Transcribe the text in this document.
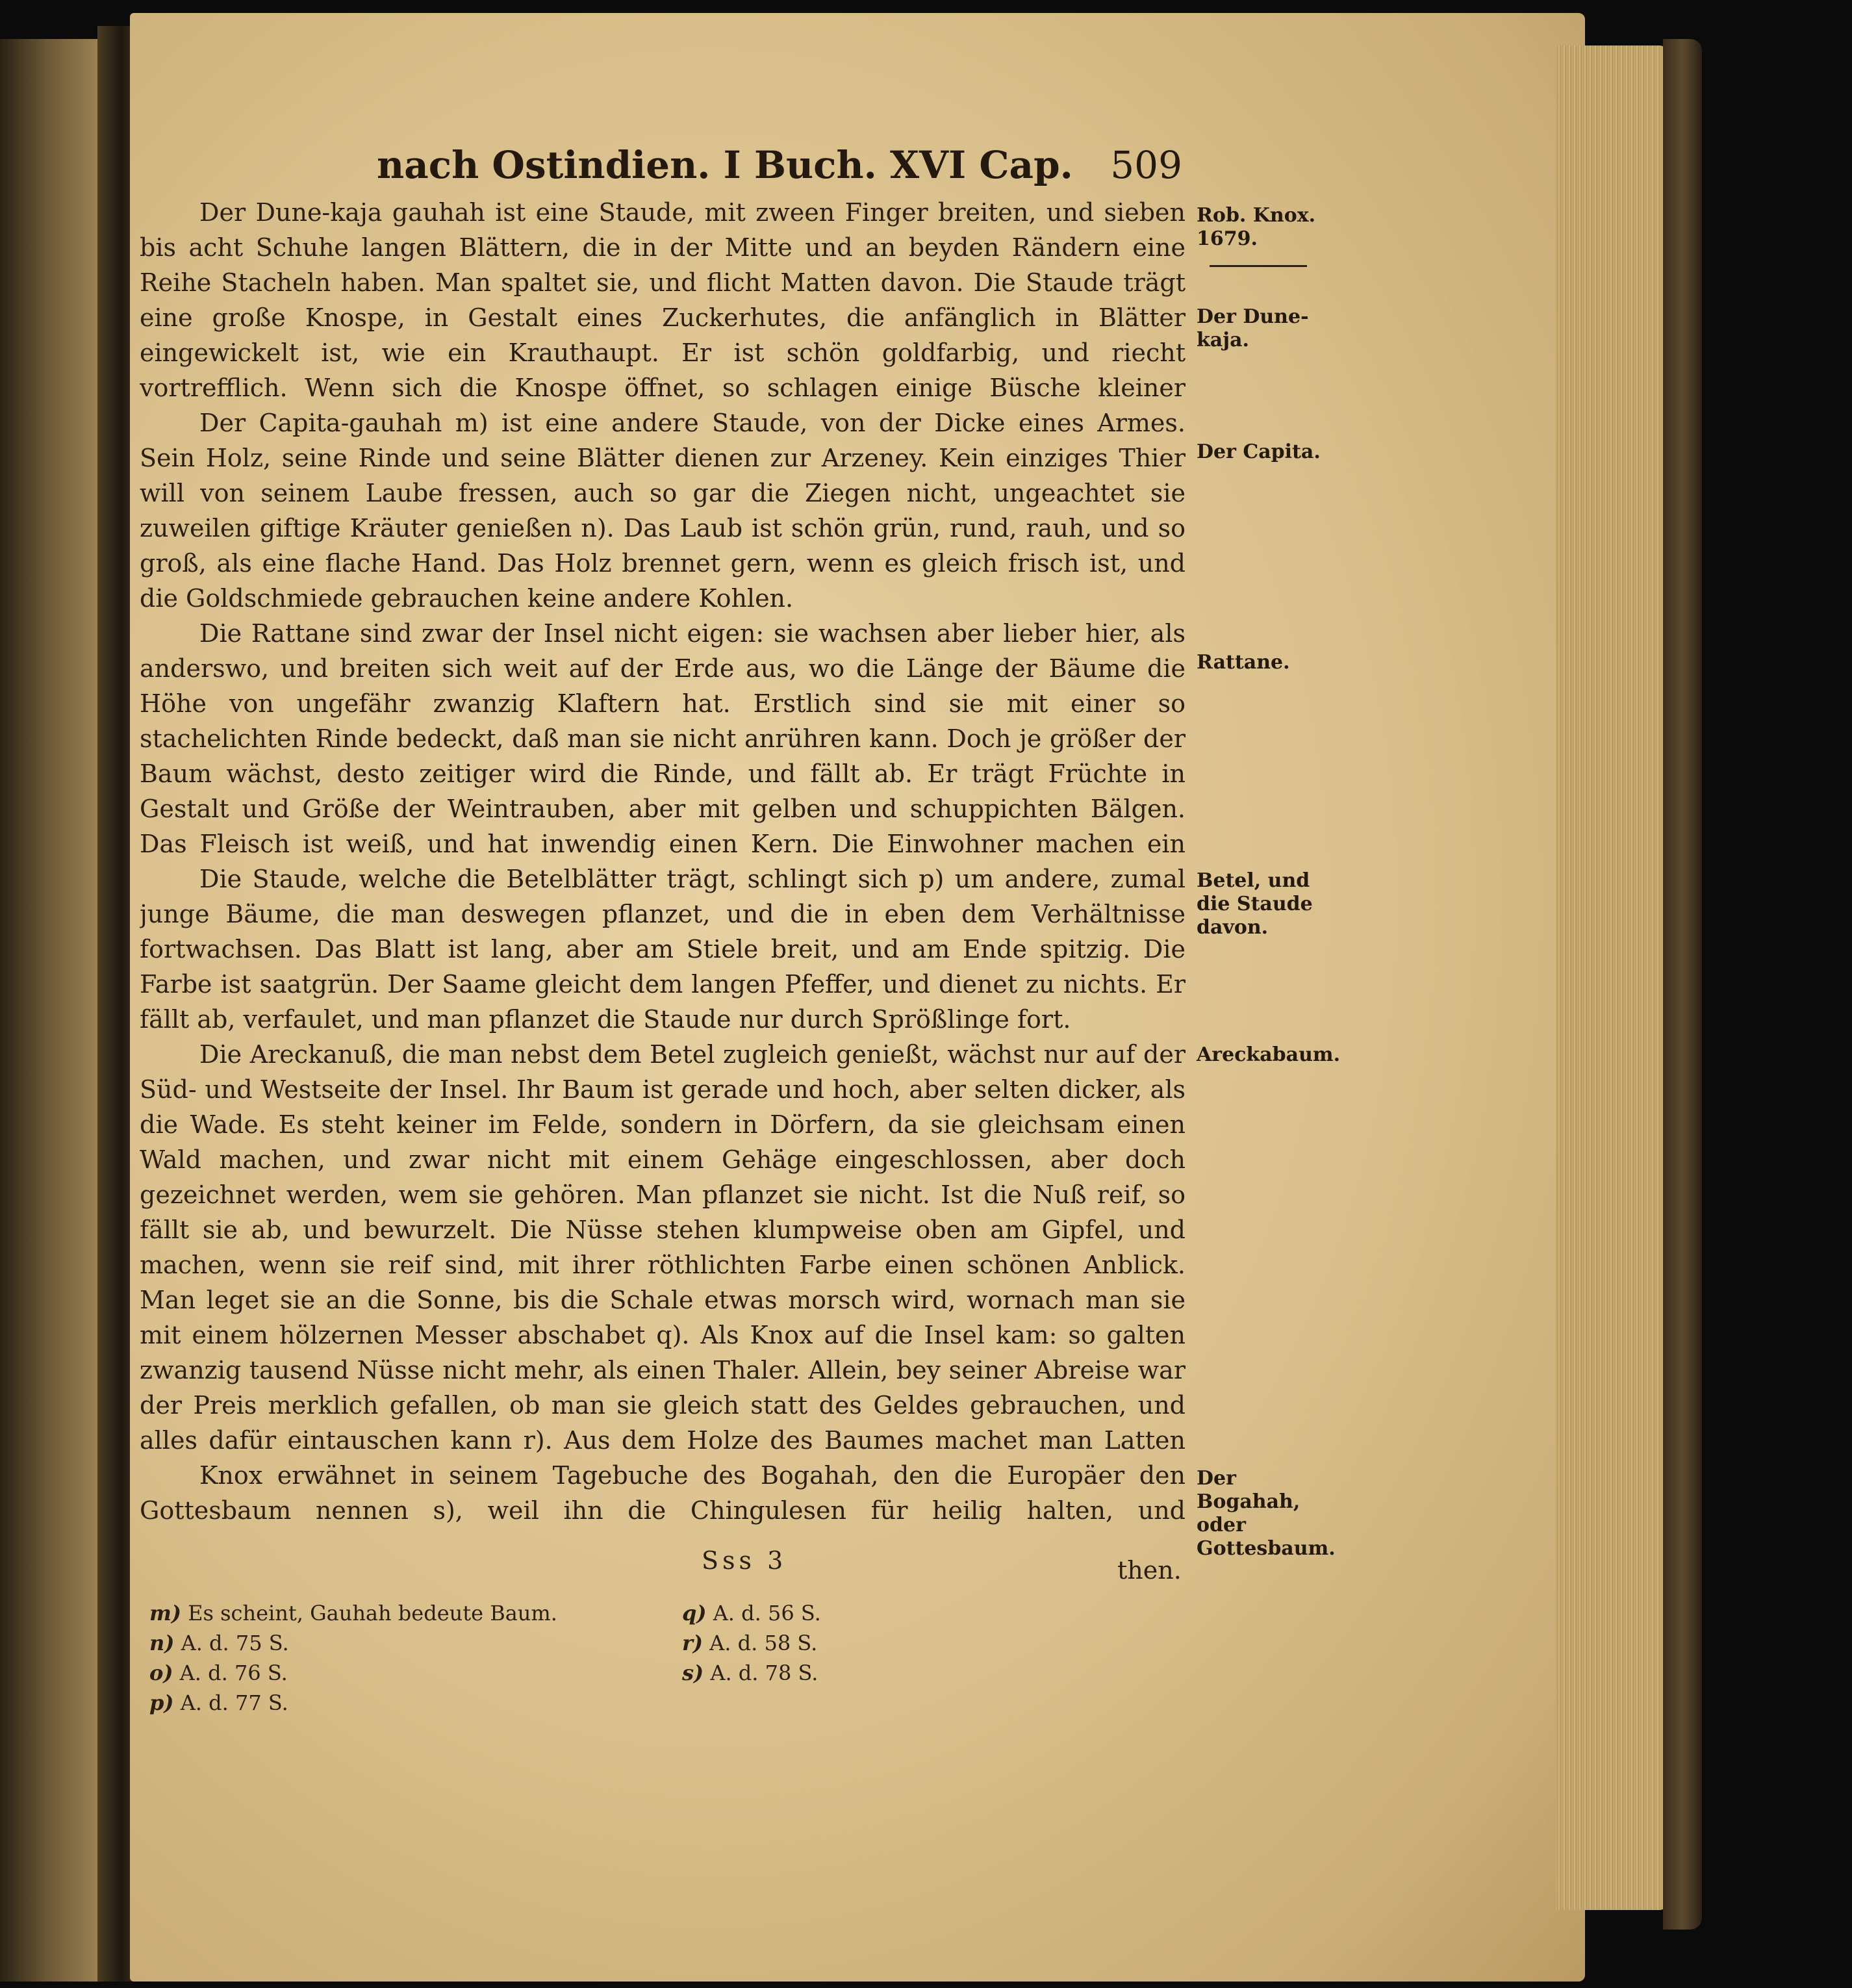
nach Ostindien. I Buch. XVI Cap. 509

Der Dune-kaja gauhah ist eine Staude, mit zween Finger breiten, und sieben bis acht Schuhe langen Blättern, die in der Mitte und an beyden Rändern eine Reihe Stacheln haben. Man spaltet sie, und flicht Matten davon. Die Staude trägt eine große Knospe, in Gestalt eines Zuckerhutes, die anfänglich in Blätter eingewickelt ist, wie ein Krauthaupt. Er ist schön goldfarbig, und riecht vortrefflich. Wenn sich die Knospe öffnet, so schlagen einige Büsche kleiner

Der Capita-gauhah m) ist eine andere Staude, von der Dicke eines Armes. Sein Holz, seine Rinde und seine Blätter dienen zur Arzeney. Kein einziges Thier will von seinem Laube fressen, auch so gar die Ziegen nicht, ungeachtet sie zuweilen giftige Kräuter genießen n). Das Laub ist schön grün, rund, rauh, und so groß, als eine flache Hand. Das Holz brennet gern, wenn es gleich frisch ist, und die Goldschmiede gebrauchen keine andere Kohlen.

Die Rattane sind zwar der Insel nicht eigen: sie wachsen aber lieber hier, als anderswo, und breiten sich weit auf der Erde aus, wo die Länge der Bäume die Höhe von ungefähr zwanzig Klaftern hat. Erstlich sind sie mit einer so stachelichten Rinde bedeckt, daß man sie nicht anrühren kann. Doch je größer der Baum wächst, desto zeitiger wird die Rinde, und fällt ab. Er trägt Früchte in Gestalt und Größe der Weintrauben, aber mit gelben und schuppichten Bälgen. Das Fleisch ist weiß, und hat inwendig einen Kern. Die Einwohner machen ein

Die Staude, welche die Betelblätter trägt, schlingt sich p) um andere, zumal junge Bäume, die man deswegen pflanzet, und die in eben dem Verhältnisse fortwachsen. Das Blatt ist lang, aber am Stiele breit, und am Ende spitzig. Die Farbe ist saatgrün. Der Saame gleicht dem langen Pfeffer, und dienet zu nichts. Er fällt ab, verfaulet, und man pflanzet die Staude nur durch Sprößlinge fort.

Die Areckanuß, die man nebst dem Betel zugleich genießt, wächst nur auf der Süd- und Westseite der Insel. Ihr Baum ist gerade und hoch, aber selten dicker, als die Wade. Es steht keiner im Felde, sondern in Dörfern, da sie gleichsam einen Wald machen, und zwar nicht mit einem Gehäge eingeschlossen, aber doch gezeichnet werden, wem sie gehören. Man pflanzet sie nicht. Ist die Nuß reif, so fällt sie ab, und bewurzelt. Die Nüsse stehen klumpweise oben am Gipfel, und machen, wenn sie reif sind, mit ihrer röthlichten Farbe einen schönen Anblick. Man leget sie an die Sonne, bis die Schale etwas morsch wird, wornach man sie mit einem hölzernen Messer abschabet q). Als Knox auf die Insel kam: so galten zwanzig tausend Nüsse nicht mehr, als einen Thaler. Allein, bey seiner Abreise war der Preis merklich gefallen, ob man sie gleich statt des Geldes gebrauchen, und alles dafür eintauschen kann r). Aus dem Holze des Baumes machet man Latten

Knox erwähnet in seinem Tagebuche des Bogahah, den die Europäer den Gottesbaum nennen s), weil ihn die Chingulesen für heilig halten, und

Rob. Knox. 1679.
Der Dune-kaja.
Der Capita.
Rattane.
Betel, und die Staude davon.
Areckabaum.
Der Bogahah, oder Gottesbaum.
Sss 3	then.
m) Es scheint, Gauhah bedeute Baum.
n) A. d. 75 S.
o) A. d. 76 S.
p) A. d. 77 S.
q) A. d. 56 S.
r) A. d. 58 S.
s) A. d. 78 S.
